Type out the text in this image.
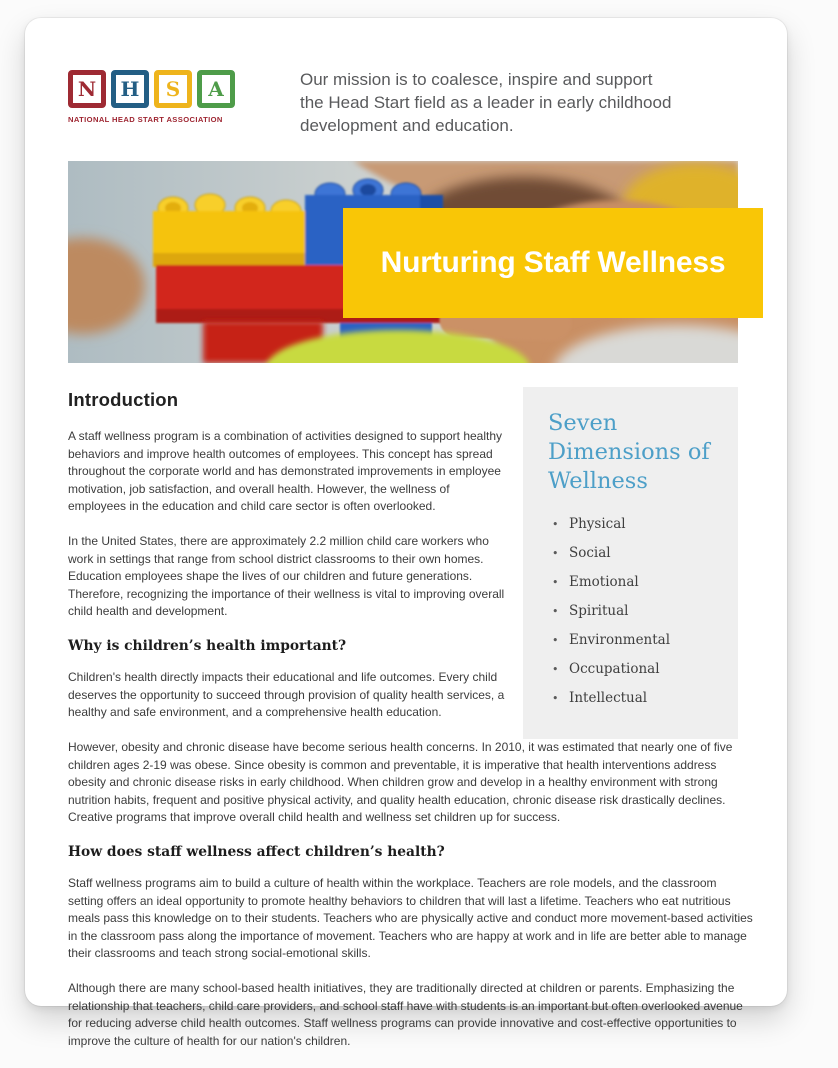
N	H	S	A
NATIONAL HEAD START ASSOCIATION
Our mission is to coalesce, inspire and support
the Head Start field as a leader in early childhood
development and education.
Nurturing Staff Wellness
Introduction

A staff wellness program is a combination of activities designed to support healthy behaviors and improve health outcomes of employees. This concept has spread throughout the corporate world and has demonstrated improvements in employee motivation, job satisfaction, and overall health. However, the wellness of employees in the education and child care sector is often overlooked.

In the United States, there are approximately 2.2 million child care workers who work in settings that range from school district classrooms to their own homes. Education employees shape the lives of our children and future generations. Therefore, recognizing the importance of their wellness is vital to improving overall child health and development.

Why is children’s health important?

Children's health directly impacts their educational and life outcomes. Every child deserves the opportunity to succeed through provision of quality health services, a healthy and safe environment, and a comprehensive health education.

Seven
Dimensions of
Wellness
• Physical
• Social
• Emotional
• Spiritual
• Environmental
• Occupational
• Intellectual

However, obesity and chronic disease have become serious health concerns. In 2010, it was estimated that nearly one of five children ages 2-19 was obese. Since obesity is common and preventable, it is imperative that health interventions address obesity and chronic disease risks in early childhood. When children grow and develop in a healthy environment with strong nutrition habits, frequent and positive physical activity, and quality health education, chronic disease risk drastically declines. Creative programs that improve overall child health and wellness set children up for success.

How does staff wellness affect children’s health?

Staff wellness programs aim to build a culture of health within the workplace. Teachers are role models, and the classroom setting offers an ideal opportunity to promote healthy behaviors to children that will last a lifetime. Teachers who eat nutritious meals pass this knowledge on to their students. Teachers who are physically active and conduct more movement-based activities in the classroom pass along the importance of movement. Teachers who are happy at work and in life are better able to manage their classrooms and teach strong social-emotional skills.

Although there are many school-based health initiatives, they are traditionally directed at children or parents. Emphasizing the relationship that teachers, child care providers, and school staff have with students is an important but often overlooked avenue for reducing adverse child health outcomes. Staff wellness programs can provide innovative and cost-effective opportunities to improve the culture of health for our nation's children.
